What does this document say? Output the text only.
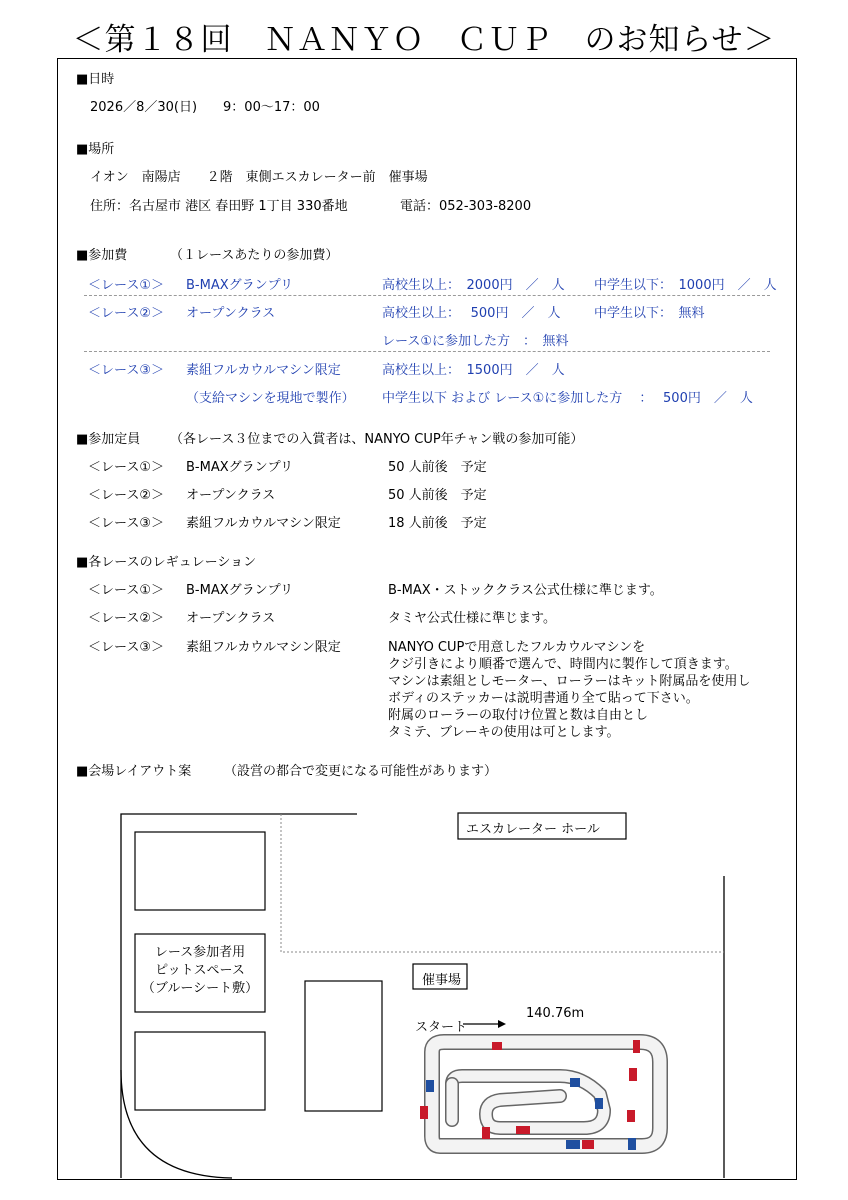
＜第１８回　ＮＡＮＹＯ　ＣＵＰ　のお知らせ＞
■日時
2026／8／30(日)　　9：00～17：00
■場所
イオン　南陽店　　２階　東側エスカレーター前　催事場
住所：名古屋市 港区 春田野 1丁目 330番地	電話：052-303-8200
■参加費	（１レースあたりの参加費）
＜レース①＞ B-MAXグランプリ	高校生以上：　2000円　／　人 中学生以下：　1000円　／　人
＜レース②＞ オープンクラス	高校生以上：　 500円　／　人	中学生以下：　無料
レース①に参加した方　：　無料
＜レース③＞ 素組フルカウルマシン限定	高校生以上：　1500円　／　人
（支給マシンを現地で製作） 中学生以下 および レース①に参加した方　 ：　 500円　／　人
■参加定員 （各レース３位までの入賞者は、NANYO CUP年チャン戦の参加可能）
＜レース①＞ B-MAXグランプリ	50 人前後　予定
＜レース②＞ オープンクラス	50 人前後　予定
＜レース③＞ 素組フルカウルマシン限定	18 人前後　予定
■各レースのレギュレーション
＜レース①＞ B-MAXグランプリ	B-MAX・ストッククラス公式仕様に準じます。
＜レース②＞ オープンクラス	タミヤ公式仕様に準じます。
＜レース③＞ 素組フルカウルマシン限定	NANYO CUPで用意したフルカウルマシンを
クジ引きにより順番で選んで、時間内に製作して頂きます。
マシンは素組としモーター、ローラーはキット附属品を使用し
ボディのステッカーは説明書通り全て貼って下さい。
附属のローラーの取付け位置と数は自由とし
タミテ、ブレーキの使用は可とします。
■会場レイアウト案	（設営の都合で変更になる可能性があります）
エスカレーター ホール
レース参加者用
ピットスペース
（ブルーシート敷）
催事場
スタート
140.76m
